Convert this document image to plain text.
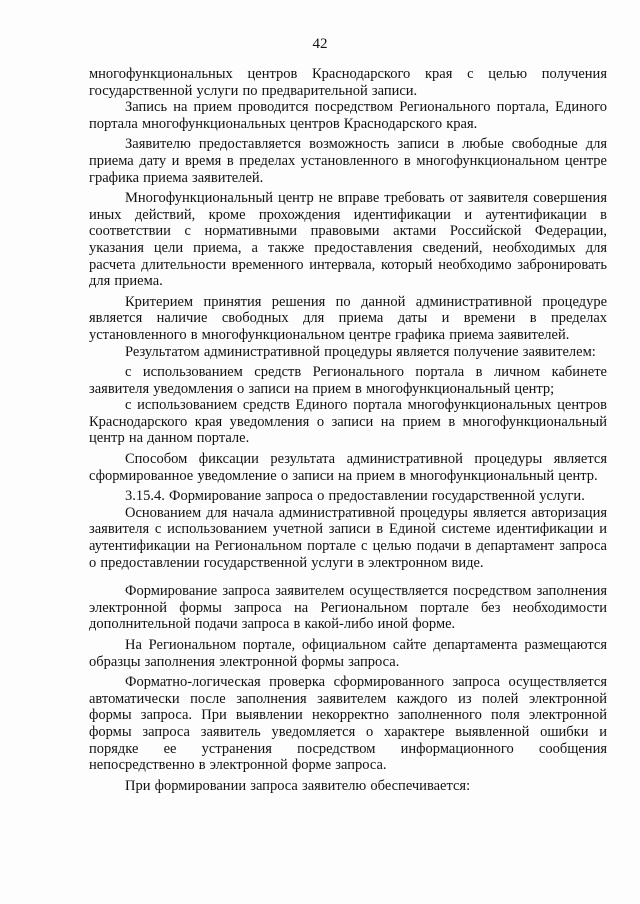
42

многофункциональных центров Краснодарского края с целью получения государственной услуги по предварительной записи.

Запись на прием проводится посредством Регионального портала, Единого портала многофункциональных центров Краснодарского края.

Заявителю предоставляется возможность записи в любые свободные для приема дату и время в пределах установленного в многофункциональном центре графика приема заявителей.

Многофункциональный центр не вправе требовать от заявителя совершения иных действий, кроме прохождения идентификации и аутентификации в соответствии с нормативными правовыми актами Российской Федерации, указания цели приема, а также предоставления сведений, необходимых для расчета длительности временного интервала, который необходимо забронировать для приема.

Критерием принятия решения по данной административной процедуре является наличие свободных для приема даты и времени в пределах установленного в многофункциональном центре графика приема заявителей.

Результатом административной процедуры является получение заявителем:

с использованием средств Регионального портала в личном кабинете заявителя уведомления о записи на прием в многофункциональный центр;

с использованием средств Единого портала многофункциональных центров Краснодарского края уведомления о записи на прием в многофункциональный центр на данном портале.

Способом фиксации результата административной процедуры является сформированное уведомление о записи на прием в многофункциональный центр.

3.15.4. Формирование запроса о предоставлении государственной услуги.

Основанием для начала административной процедуры является авторизация заявителя с использованием учетной записи в Единой системе идентификации и аутентификации на Региональном портале с целью подачи в департамент запроса о предоставлении государственной услуги в электронном виде.

Формирование запроса заявителем осуществляется посредством заполнения электронной формы запроса на Региональном портале без необходимости дополнительной подачи запроса в какой-либо иной форме.

На Региональном портале, официальном сайте департамента размещаются образцы заполнения электронной формы запроса.

Форматно-логическая проверка сформированного запроса осуществляется автоматически после заполнения заявителем каждого из полей электронной формы запроса. При выявлении некорректно заполненного поля электронной формы запроса заявитель уведомляется о характере выявленной ошибки и порядке ее устранения посредством информационного сообщения непосредственно в электронной форме запроса.

При формировании запроса заявителю обеспечивается:
